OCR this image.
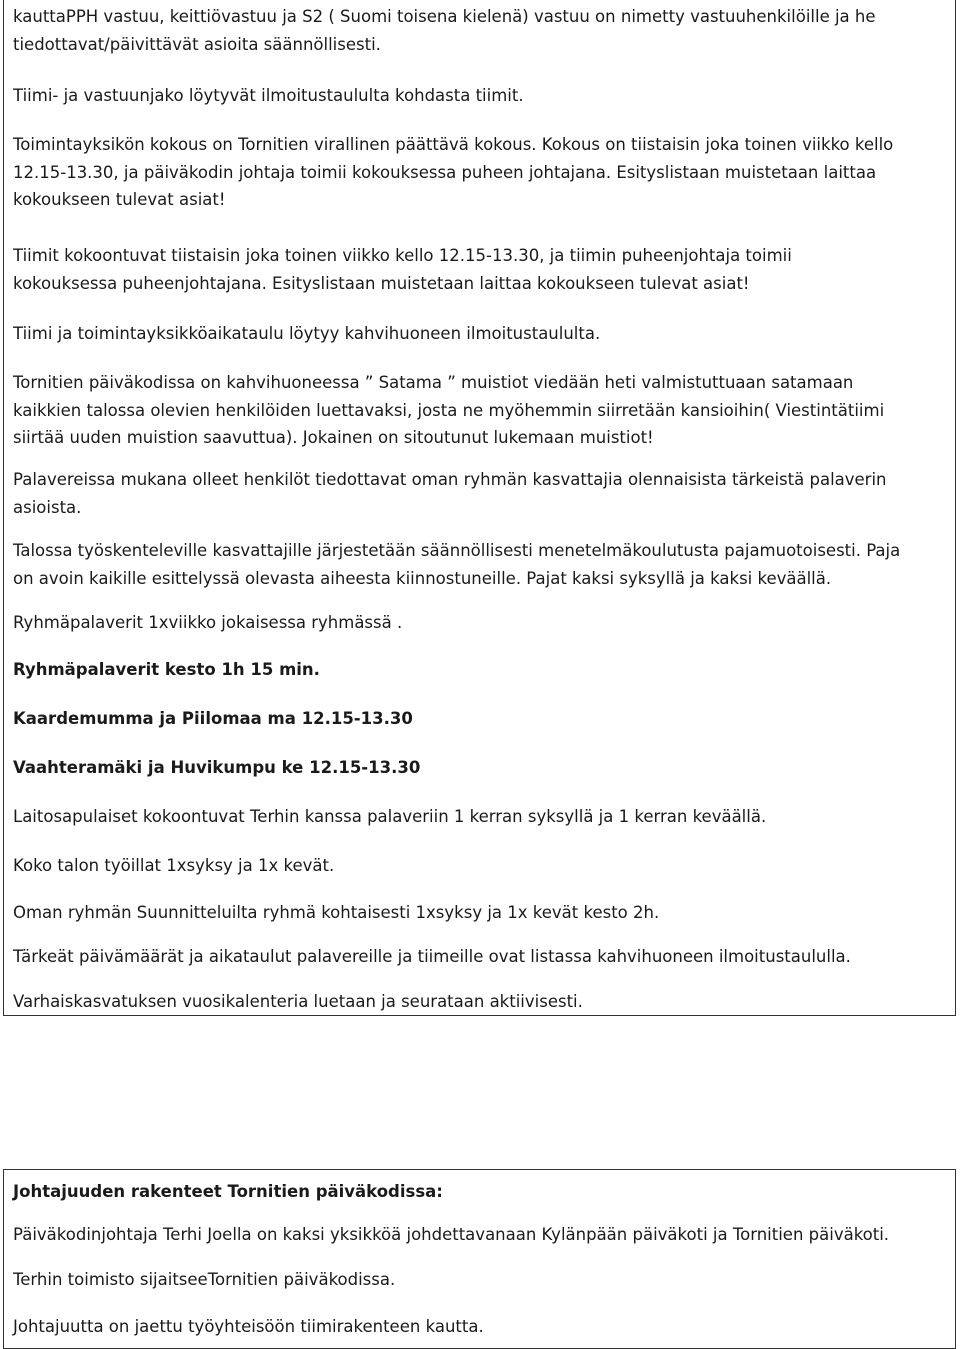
kauttaPPH vastuu, keittiövastuu ja S2 ( Suomi toisena kielenä) vastuu on nimetty vastuuhenkilöille ja he
tiedottavat/päivittävät asioita säännöllisesti.

Tiimi- ja vastuunjako löytyvät ilmoitustaululta kohdasta tiimit.

Toimintayksikön kokous on Tornitien virallinen päättävä kokous. Kokous on tiistaisin joka toinen viikko kello
12.15-13.30, ja päiväkodin johtaja toimii kokouksessa puheen johtajana. Esityslistaan muistetaan laittaa
kokoukseen tulevat asiat!

Tiimit kokoontuvat tiistaisin joka toinen viikko kello 12.15-13.30, ja tiimin puheenjohtaja toimii
kokouksessa puheenjohtajana. Esityslistaan muistetaan laittaa kokoukseen tulevat asiat!

Tiimi ja toimintayksikköaikataulu löytyy kahvihuoneen ilmoitustaululta.

Tornitien päiväkodissa on kahvihuoneessa ” Satama ” muistiot viedään heti valmistuttuaan satamaan
kaikkien talossa olevien henkilöiden luettavaksi, josta ne myöhemmin siirretään kansioihin( Viestintätiimi
siirtää uuden muistion saavuttua). Jokainen on sitoutunut lukemaan muistiot!

Palavereissa mukana olleet henkilöt tiedottavat oman ryhmän kasvattajia olennaisista tärkeistä palaverin
asioista.

Talossa työskenteleville kasvattajille järjestetään säännöllisesti menetelmäkoulutusta pajamuotoisesti. Paja
on avoin kaikille esittelyssä olevasta aiheesta kiinnostuneille. Pajat kaksi syksyllä ja kaksi keväällä.

Ryhmäpalaverit 1xviikko jokaisessa ryhmässä .

Ryhmäpalaverit kesto 1h 15 min.

Kaardemumma ja Piilomaa ma 12.15-13.30

Vaahteramäki ja Huvikumpu ke 12.15-13.30

Laitosapulaiset kokoontuvat Terhin kanssa palaveriin 1 kerran syksyllä ja 1 kerran keväällä.

Koko talon työillat 1xsyksy ja 1x kevät.

Oman ryhmän Suunnitteluilta ryhmä kohtaisesti 1xsyksy ja 1x kevät kesto 2h.

Tärkeät päivämäärät ja aikataulut palavereille ja tiimeille ovat listassa kahvihuoneen ilmoitustaululla.

Varhaiskasvatuksen vuosikalenteria luetaan ja seurataan aktiivisesti.

Johtajuuden rakenteet Tornitien päiväkodissa:

Päiväkodinjohtaja Terhi Joella on kaksi yksikköä johdettavanaan Kylänpään päiväkoti ja Tornitien päiväkoti.

Terhin toimisto sijaitseeTornitien päiväkodissa.

Johtajuutta on jaettu työyhteisöön tiimirakenteen kautta.
